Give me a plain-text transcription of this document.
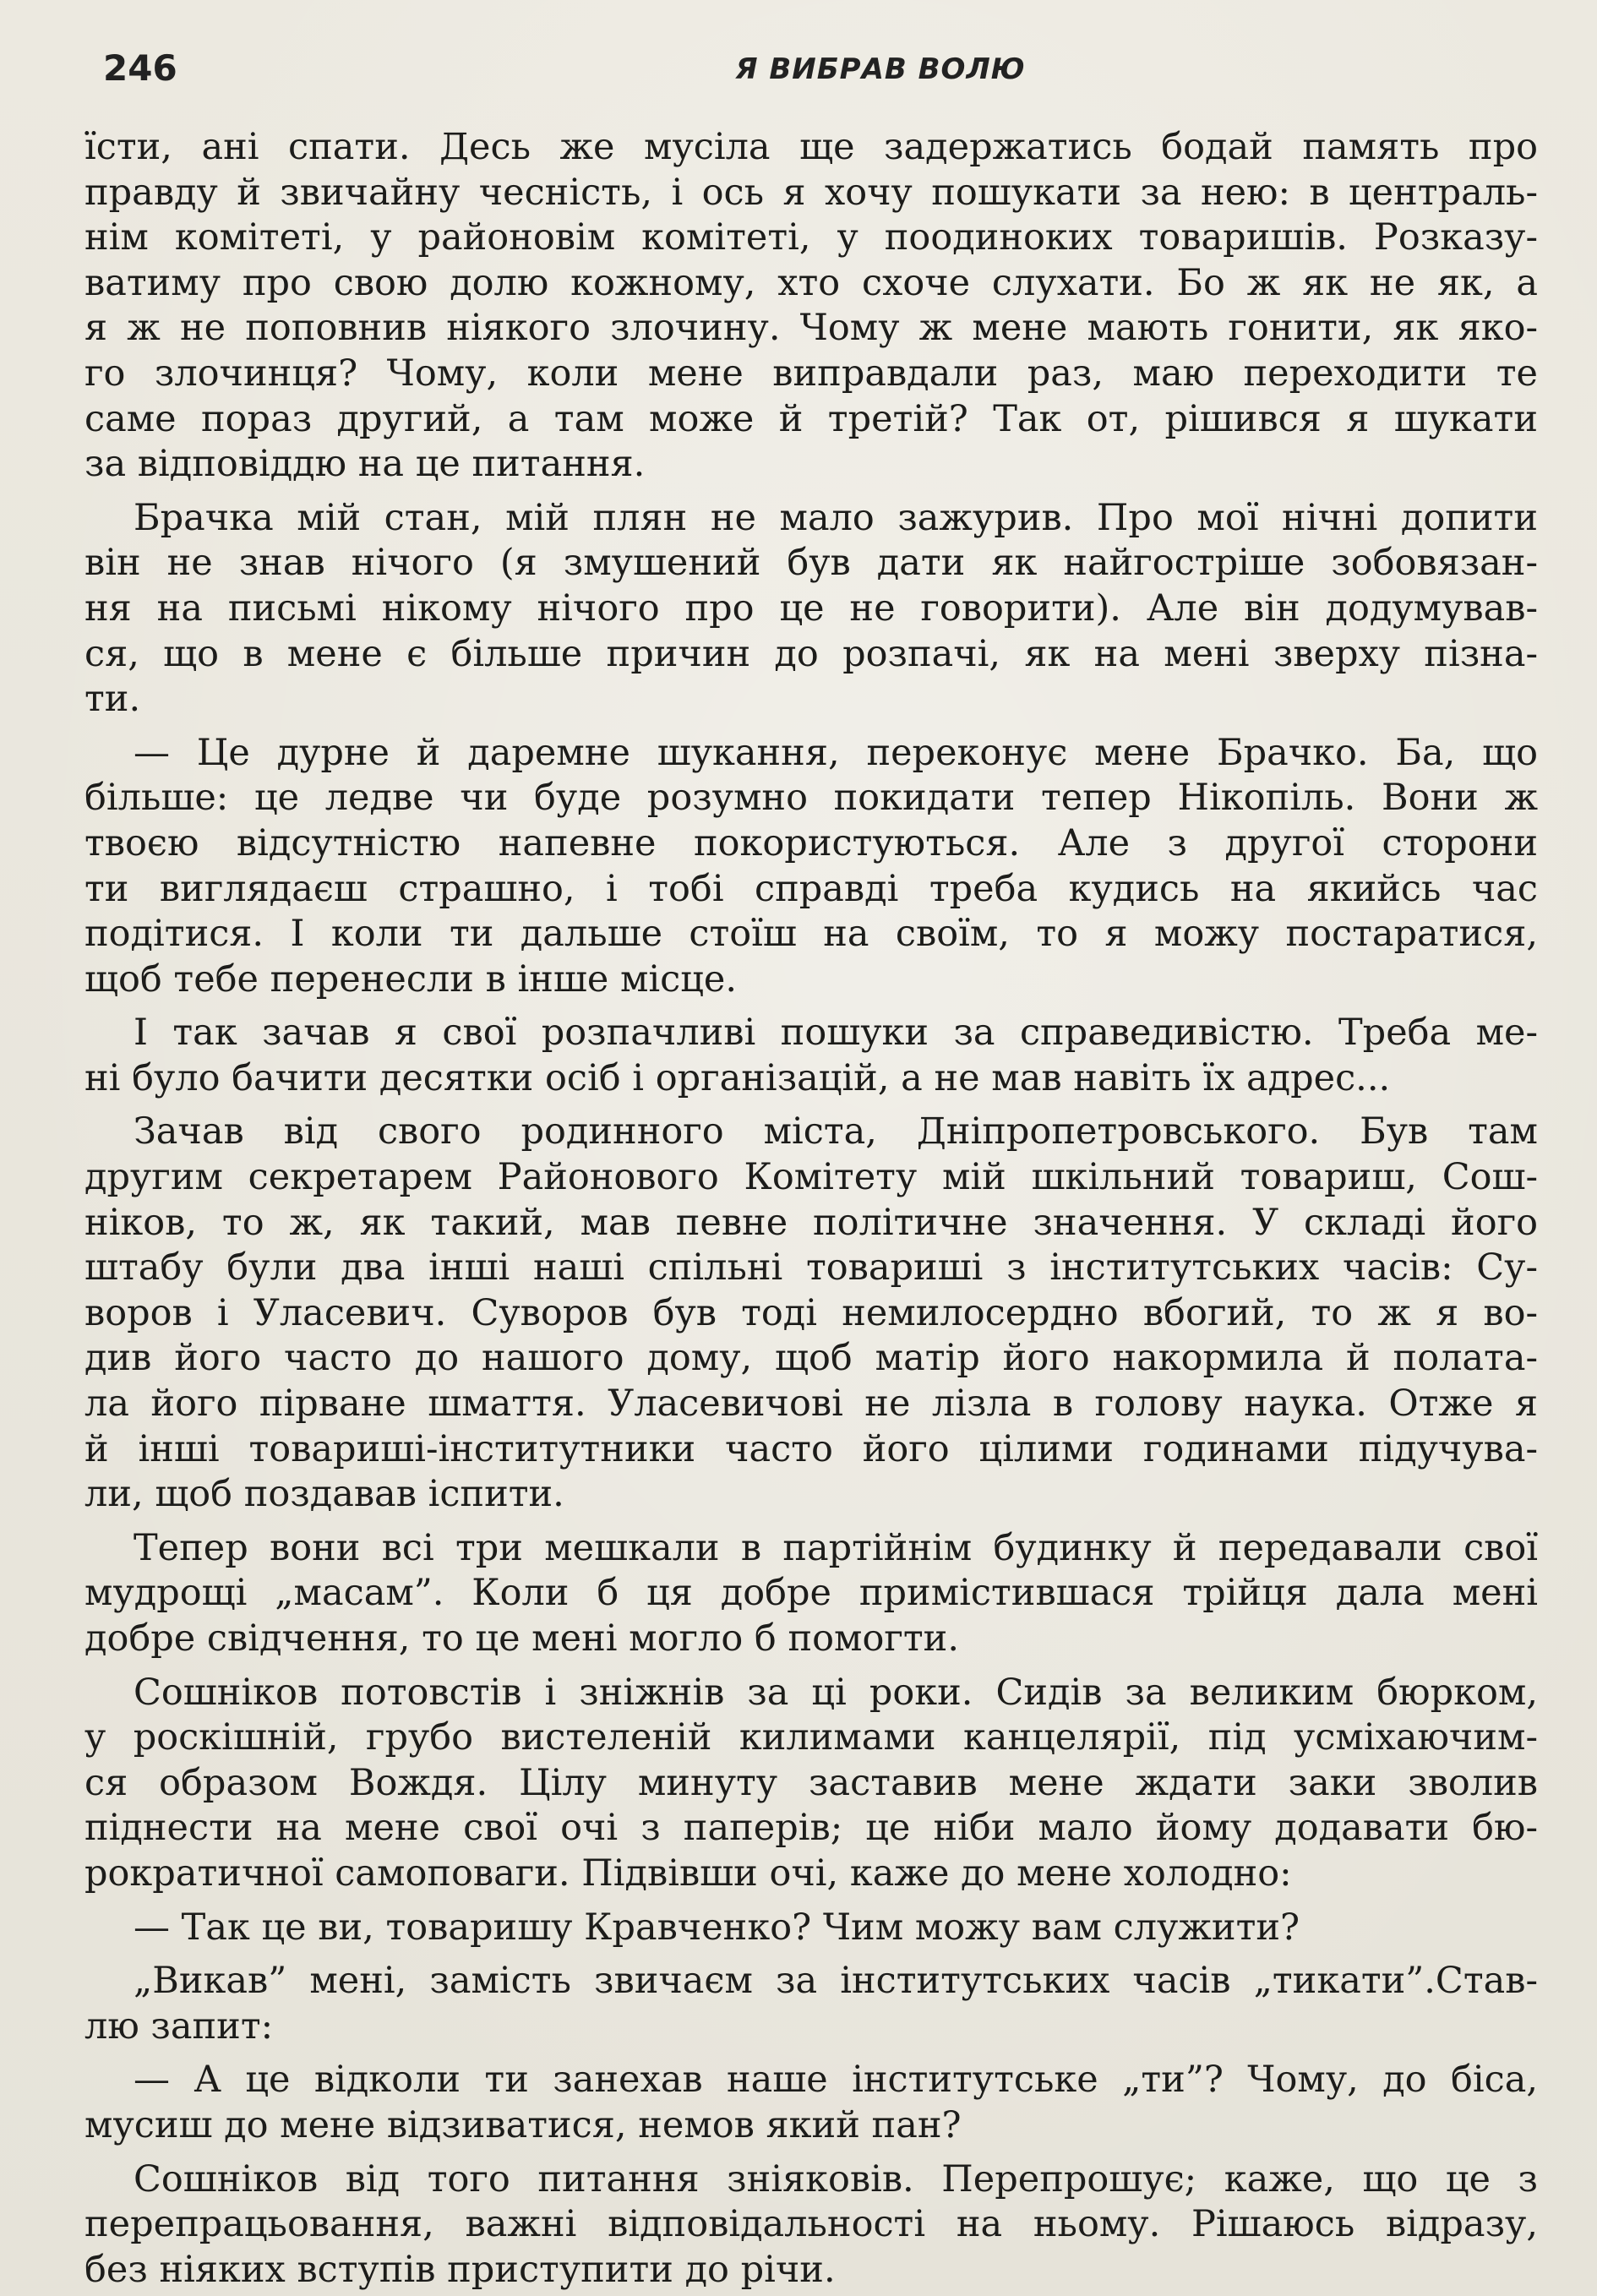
246	Я ВИБРАВ ВОЛЮ
їсти, ані спати. Десь же мусіла ще задержатись бодай память про
правду й звичайну чесність, і ось я хочу пошукати за нею: в централь-
нім комітеті, у районовім комітеті, у поодиноких товаришів. Розказу-
ватиму про свою долю кожному, хто схоче слухати. Бо ж як не як, а
я ж не поповнив ніякого злочину. Чому ж мене мають гонити, як яко-
го злочинця? Чому, коли мене виправдали раз, маю переходити те
саме пораз другий, а там може й третій? Так от, рішився я шукати
за відповіддю на це питання.
Брачка мій стан, мій плян не мало зажурив. Про мої нічні допити
він не знав нічого (я змушений був дати як найгостріше зобовязан-
ня на письмі нікому нічого про це не говорити). Але він додумував-
ся, що в мене є більше причин до розпачі, як на мені зверху пізна-
ти.
— Це дурне й даремне шукання, переконує мене Брачко. Ба, що
більше: це ледве чи буде розумно покидати тепер Нікопіль. Вони ж
твоєю відсутністю напевне покористуються. Але з другої сторони
ти виглядаєш страшно, і тобі справді треба кудись на якийсь час
подітися. І коли ти дальше стоїш на своїм, то я можу постаратися,
щоб тебе перенесли в інше місце.
І так зачав я свої розпачливі пошуки за справедивістю. Треба ме-
ні було бачити десятки осіб і організацій, а не мав навіть їх адрес...
Зачав від свого родинного міста, Дніпропетровського. Був там
другим секретарем Районового Комітету мій шкільний товариш, Сош-
ніков, то ж, як такий, мав певне політичне значення. У складі його
штабу були два інші наші спільні товариші з інститутських часів: Су-
воров і Уласевич. Суворов був тоді немилосердно вбогий, то ж я во-
див його часто до нашого дому, щоб матір його накормила й полата-
ла його пірване шмаття. Уласевичові не лізла в голову наука. Отже я
й інші товариші-інститутники часто його цілими годинами підучува-
ли, щоб поздавав іспити.
Тепер вони всі три мешкали в партійнім будинку й передавали свої
мудрощі „масам”. Коли б ця добре примістившася трійця дала мені
добре свідчення, то це мені могло б помогти.
Сошніков потовстів і зніжнів за ці роки. Сидів за великим бюрком,
у роскішній, грубо вистеленій килимами канцелярії, під усміхаючим-
ся образом Вождя. Цілу минуту заставив мене ждати заки зволив
піднести на мене свої очі з паперів; це ніби мало йому додавати бю-
рократичної самоповаги. Підвівши очі, каже до мене холодно:
— Так це ви, товаришу Кравченко? Чим можу вам служити?
„Викав” мені, замість звичаєм за інститутських часів „тикати”.Став-
лю запит:
— А це відколи ти занехав наше інститутське „ти”? Чому, до біса,
мусиш до мене відзиватися, немов який пан?
Сошніков від того питання зніяковів. Перепрошує; каже, що це з
перепрацьовання, важні відповідальності на ньому. Рішаюсь відразу,
без ніяких вступів приступити до річи.
